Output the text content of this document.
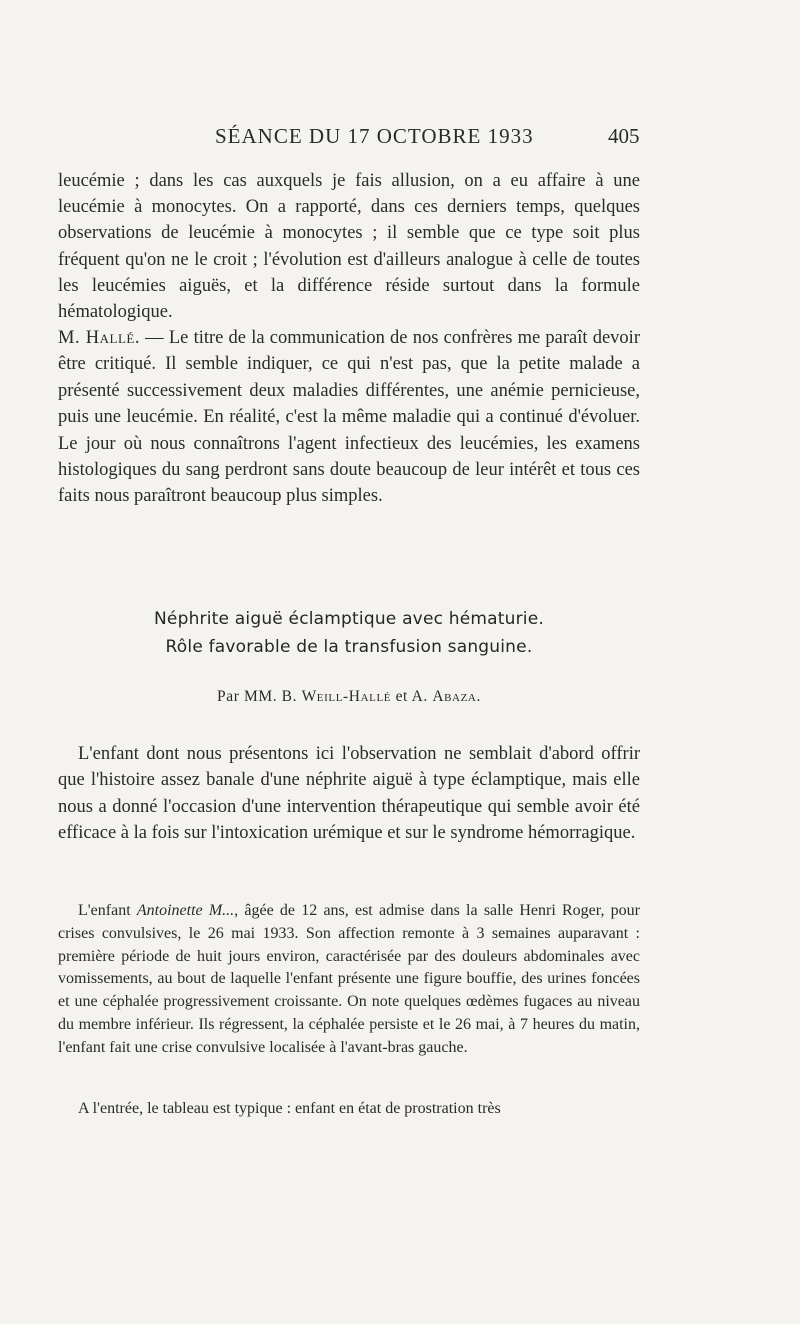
SÉANCE DU 17 OCTOBRE 1933	405

leucémie ; dans les cas auxquels je fais allusion, on a eu affaire à une leucémie à monocytes. On a rapporté, dans ces derniers temps, quelques observations de leucémie à monocytes ; il semble que ce type soit plus fréquent qu'on ne le croit ; l'évolution est d'ailleurs analogue à celle de toutes les leucémies aiguës, et la différence réside surtout dans la formule hématologique.

M. Hallé. — Le titre de la communication de nos confrères me paraît devoir être critiqué. Il semble indiquer, ce qui n'est pas, que la petite malade a présenté successivement deux maladies différentes, une anémie pernicieuse, puis une leucémie. En réalité, c'est la même maladie qui a continué d'évoluer. Le jour où nous connaîtrons l'agent infectieux des leucémies, les examens histologiques du sang perdront sans doute beaucoup de leur intérêt et tous ces faits nous paraîtront beaucoup plus simples.

Néphrite aiguë éclamptique avec hématurie.
Rôle favorable de la transfusion sanguine.
Par MM. B. Weill-Hallé et A. Abaza.

L'enfant dont nous présentons ici l'observation ne semblait d'abord offrir que l'histoire assez banale d'une néphrite aiguë à type éclamptique, mais elle nous a donné l'occasion d'une intervention thérapeutique qui semble avoir été efficace à la fois sur l'intoxication urémique et sur le syndrome hémorragique.

L'enfant Antoinette M..., âgée de 12 ans, est admise dans la salle Henri Roger, pour crises convulsives, le 26 mai 1933. Son affection remonte à 3 semaines auparavant : première période de huit jours environ, caractérisée par des douleurs abdominales avec vomissements, au bout de laquelle l'enfant présente une figure bouffie, des urines foncées et une céphalée progressivement croissante. On note quelques œdèmes fugaces au niveau du membre inférieur. Ils régressent, la céphalée persiste et le 26 mai, à 7 heures du matin, l'enfant fait une crise convulsive localisée à l'avant-bras gauche.

A l'entrée, le tableau est typique : enfant en état de prostration très
